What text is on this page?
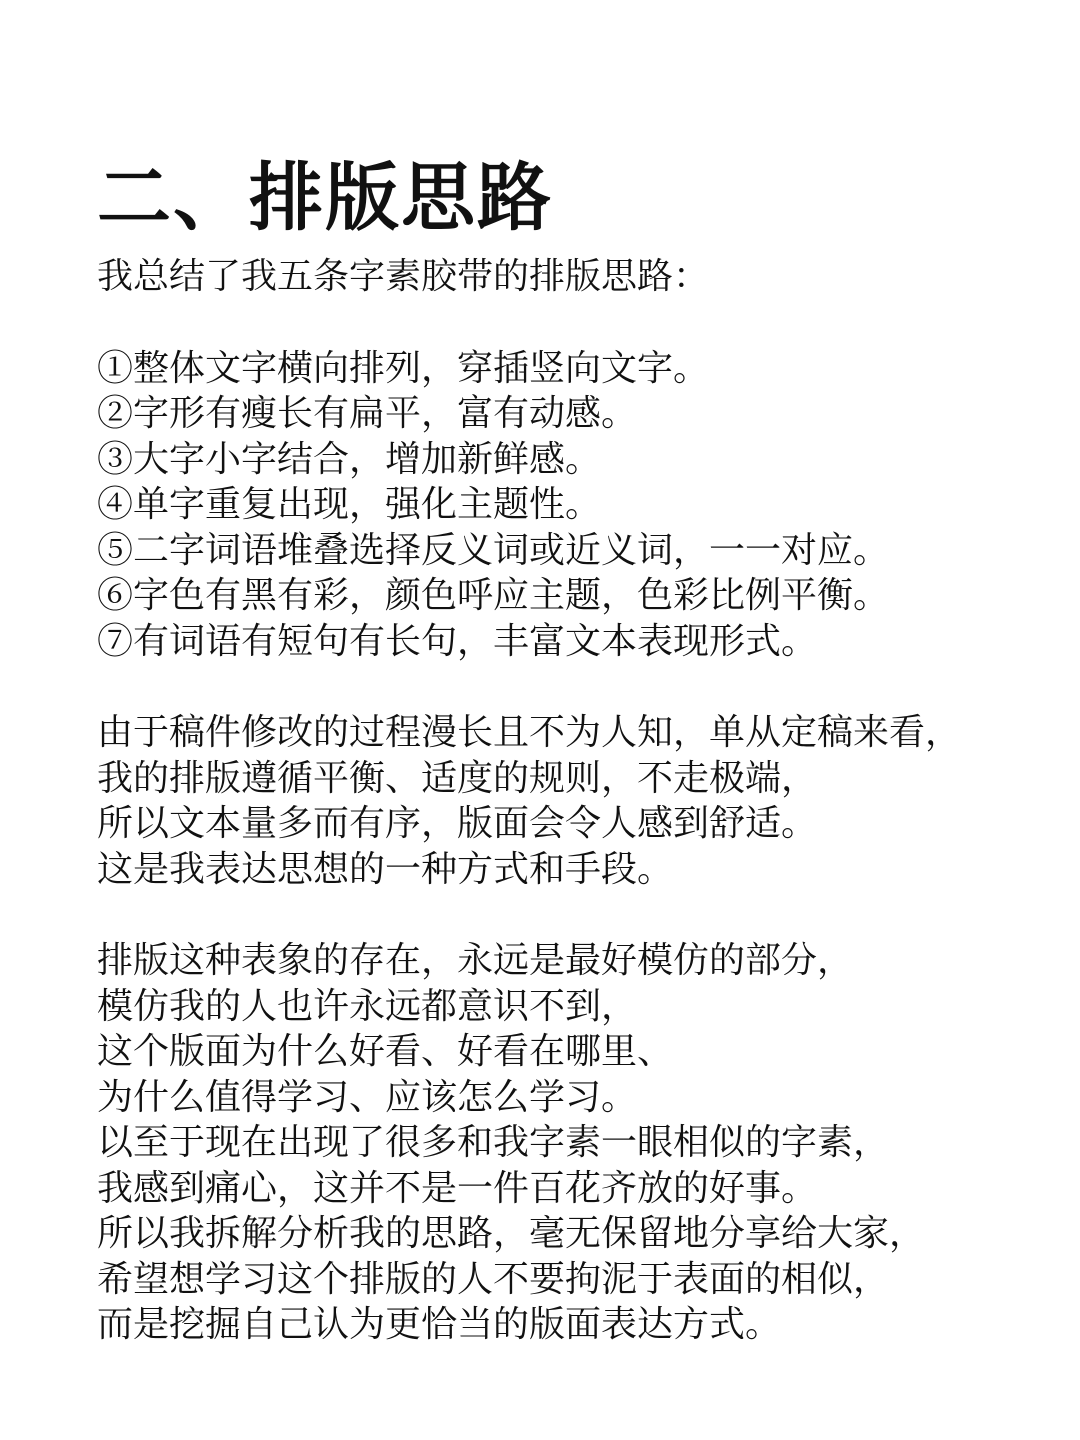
二、排版思路

我总结了我五条字素胶带的排版思路：

①整体文字横向排列，穿插竖向文字。
②字形有瘦长有扁平，富有动感。
③大字小字结合，增加新鲜感。
④单字重复出现，强化主题性。
⑤二字词语堆叠选择反义词或近义词，一一对应。
⑥字色有黑有彩，颜色呼应主题，色彩比例平衡。
⑦有词语有短句有长句，丰富文本表现形式。

由于稿件修改的过程漫长且不为人知，单从定稿来看，
我的排版遵循平衡、适度的规则，不走极端，
所以文本量多而有序，版面会令人感到舒适。
这是我表达思想的一种方式和手段。

排版这种表象的存在，永远是最好模仿的部分，
模仿我的人也许永远都意识不到，
这个版面为什么好看、好看在哪里、
为什么值得学习、应该怎么学习。
以至于现在出现了很多和我字素一眼相似的字素，
我感到痛心，这并不是一件百花齐放的好事。
所以我拆解分析我的思路，毫无保留地分享给大家，
希望想学习这个排版的人不要拘泥于表面的相似，
而是挖掘自己认为更恰当的版面表达方式。
